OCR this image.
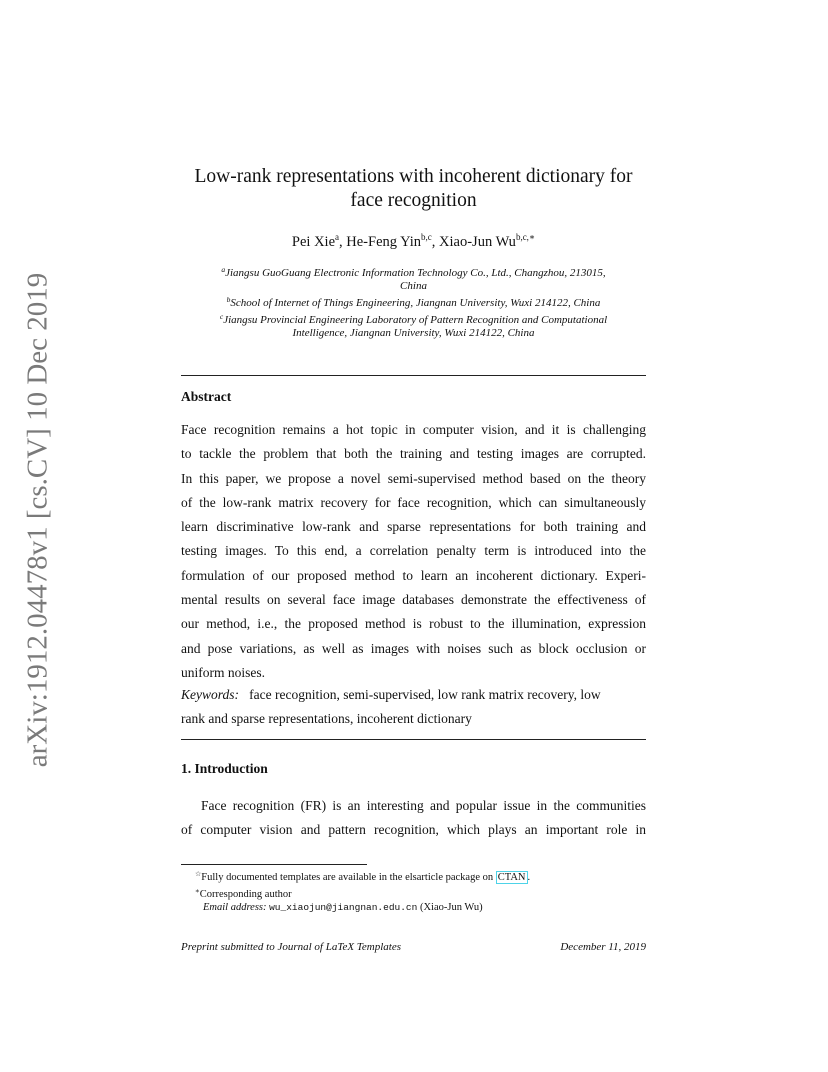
arXiv:1912.04478v1 [cs.CV] 10 Dec 2019
Low-rank representations with incoherent dictionary for
face recognition
Pei Xie$^a$, He-Feng Yin$^{b,c}$, Xiao-Jun $Wu^{b,c,∗}$
$^a$Jiangsu GuoGuang Electronic Information Technology Co., Ltd., Changzhou, 213015,
China
$^b$School of Internet of Things Engineering, Jiangnan University, Wuxi 214122, China
$^c$Jiangsu Provincial Engineering Laboratory of Pattern Recognition and Computational
Intelligence, Jiangnan University, Wuxi 214122, China
Abstract
Face recognition remains a hot topic in computer vision, and it is challenging
to tackle the problem that both the training and testing images are corrupted.
In this paper, we propose a novel semi-supervised method based on the theory
of the low-rank matrix recovery for face recognition, which can simultaneously
learn discriminative low-rank and sparse representations for both training and
testing images. To this end, a correlation penalty term is introduced into the
formulation of our proposed method to learn an incoherent dictionary. Experi-
mental results on several face image databases demonstrate the effectiveness of
our method, i.e., the proposed method is robust to the illumination, expression
and pose variations, as well as images with noises such as block occlusion or
uniform noises.
Keywords: face recognition, semi-supervised, low rank matrix recovery, low
rank and sparse representations, incoherent dictionary
1. Introduction
Face recognition (FR) is an interesting and popular issue in the communities
of computer vision and pattern recognition, which plays an important role in
☆Fully documented templates are available in the elsarticle package on CTAN .
∗Corresponding author
Email address: wu_xiaojun@jiangnan.edu.cn (Xiao-Jun Wu)
Preprint submitted to Journal of LaTeX Templates	December 11, 2019
